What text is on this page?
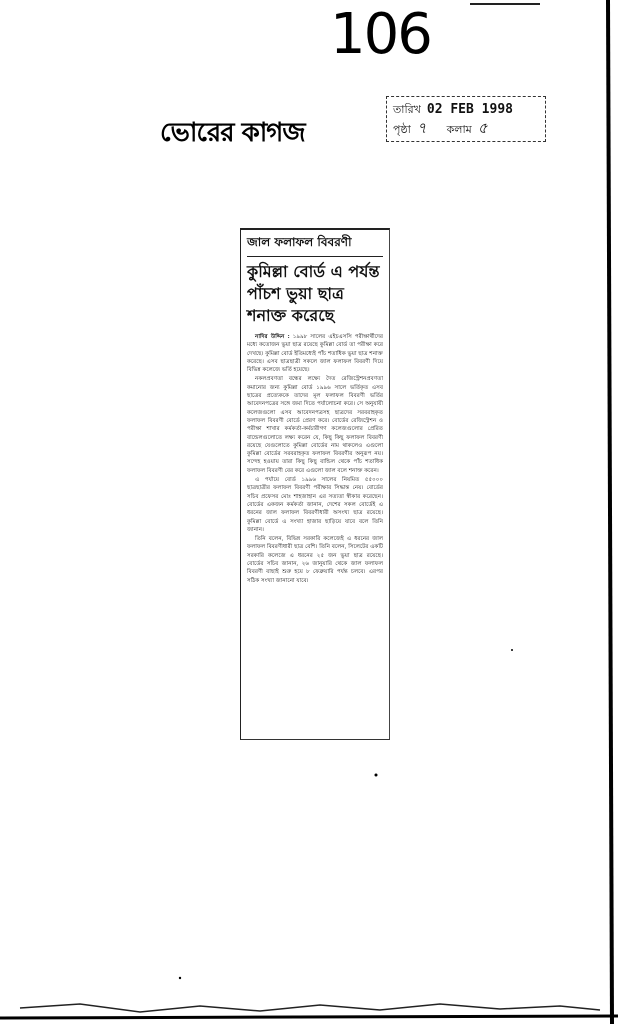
106
ভোরের কাগজ
তারিখ 02 FEB 1998
পৃষ্ঠা ৭ কলাম ৫
জাল ফলাফল বিবরণী
কুমিল্লা বোর্ড এ পর্যন্ত
পাঁচশ ভুয়া ছাত্র
শনাক্ত করেছে

নাদির উদ্দিন : ১৯৯৮ সালের এইচএসসি পরীক্ষার্থীদের মধ্যে কতোজন ভুয়া ছাত্র রয়েছে কুমিল্লা বোর্ড তা পরীক্ষা করে দেখছে। কুমিল্লা বোর্ড ইতিমধ্যেই পাঁচ শতাধিক ভুয়া ছাত্র শনাক্ত করেছে। এসব ছাত্রছাত্রী সকলে জাল ফলাফল বিবরণী দিয়ে বিভিন্ন কলেজে ভর্তি হয়েছে।

নকলপ্রবণতা বন্ধের লক্ষ্যে দৈত রেজিস্ট্রেশনপ্রবণতা কমানোর জন্য কুমিল্লা বোর্ড ১৯৯৬ সালে ভর্তিকৃত এসব ছাত্রের প্রত্যেককে তাদের মূল ফলাফল বিবরণী ভর্তির আবেদনপত্রের সঙ্গে জমা দিতে পর্যালোচনা করে। সে অনুযায়ী কলেজগুলো এসব আবেদনপত্রসহ ছাত্রদের সরবরাহকৃত ফলাফল বিবরণী বোর্ডে প্রেরণ করে। বোর্ডের রেজিস্ট্রেশন ও পরীক্ষা শাখার কর্মকর্তা-কর্মচারীগণ কলেজগুলোর প্রেরিত বান্ডেলগুলোতে লক্ষ্য করেন যে, কিছু কিছু ফলাফল বিবরণী রয়েছে যেগুলোতে কুমিল্লা বোর্ডের নাম থাকলেও এগুলো কুমিল্লা বোর্ডের সরবরাহকৃত ফলাফল বিবরণীর অনুরূপ নয়। সন্দেহ হওয়ায় তারা কিছু কিছু বান্ডিল থেকে পাঁচ শতাধিক ফলাফল বিবরণী বের করে এগুলো জাল বলে শনাক্ত করেন।

এ পর্যায়ে বোর্ড ১৯৯৬ সালের নিয়মিত ৫৫০০০ ছাত্রছাত্রীর ফলাফল বিবরণী পরীক্ষার সিদ্ধান্ত নেয়। বোর্ডের সচিব প্রফেসর মোঃ শাহজাহান এর সত্যতা স্বীকার করেছেন। বোর্ডের একজন কর্মকর্তা জানান, দেশের সকল বোর্ডেই এ ধরনের জাল ফলাফল বিবরণীধারী অসংখ্য ছাত্র রয়েছে। কুমিল্লা বোর্ডে এ সংখ্যা হাজার ছাড়িয়ে যাবে বলে তিনি জানান।

তিনি বলেন, বিভিন্ন সরকারি কলেজেই এ ধরনের জাল ফলাফল বিবরণীধারী ছাত্র বেশি। তিনি বলেন, সিলেটের একটি সরকারি কলেজে এ ধরনের ২৫ জন ভুয়া ছাত্র রয়েছে। বোর্ডের সচিব জানান, ২৬ জানুয়ারি থেকে জাল ফলাফল বিবরণী বাছাই শুরু হয়ে ৮ ফেব্রুয়ারি পর্যন্ত চলবে। এরপর সঠিক সংখ্যা জানানো যাবে।
